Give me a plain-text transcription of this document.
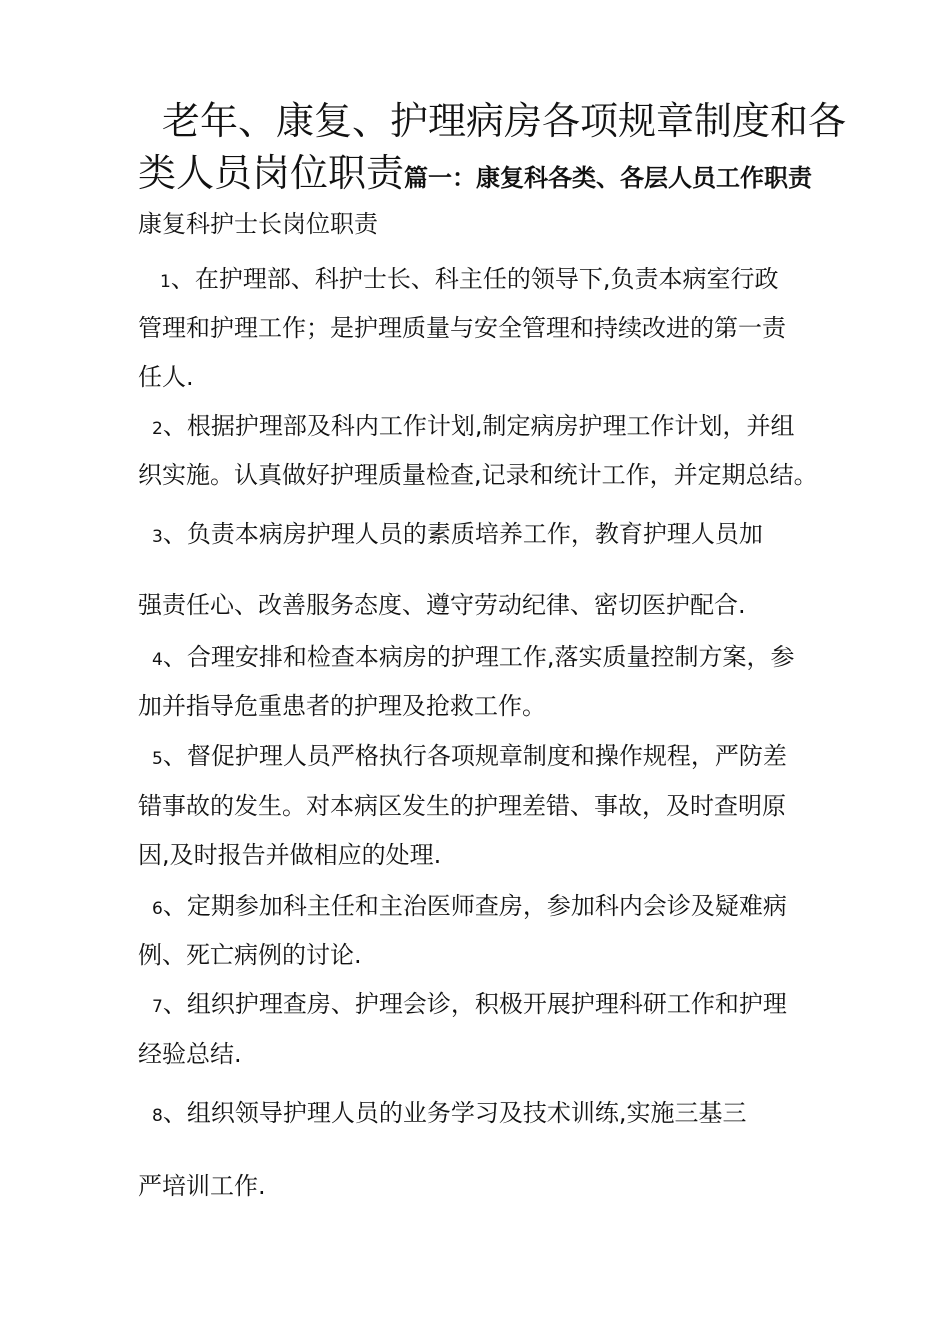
老年、康复、护理病房各项规章制度和各
类人员岗位职责篇一：康复科各类、各层人员工作职责
康复科护士长岗位职责
1、在护理部、科护士长、科主任的领导下,负责本病室行政
管理和护理工作；是护理质量与安全管理和持续改进的第一责
任人.
2、根据护理部及科内工作计划,制定病房护理工作计划，并组
织实施。认真做好护理质量检查,记录和统计工作，并定期总结。
3、负责本病房护理人员的素质培养工作，教育护理人员加
强责任心、改善服务态度、遵守劳动纪律、密切医护配合.
4、合理安排和检查本病房的护理工作,落实质量控制方案，参
加并指导危重患者的护理及抢救工作。
5、督促护理人员严格执行各项规章制度和操作规程，严防差
错事故的发生。对本病区发生的护理差错、事故，及时查明原
因,及时报告并做相应的处理.
6、定期参加科主任和主治医师查房，参加科内会诊及疑难病
例、死亡病例的讨论.
7、组织护理查房、护理会诊，积极开展护理科研工作和护理
经验总结.
8、组织领导护理人员的业务学习及技术训练,实施三基三
严培训工作.
